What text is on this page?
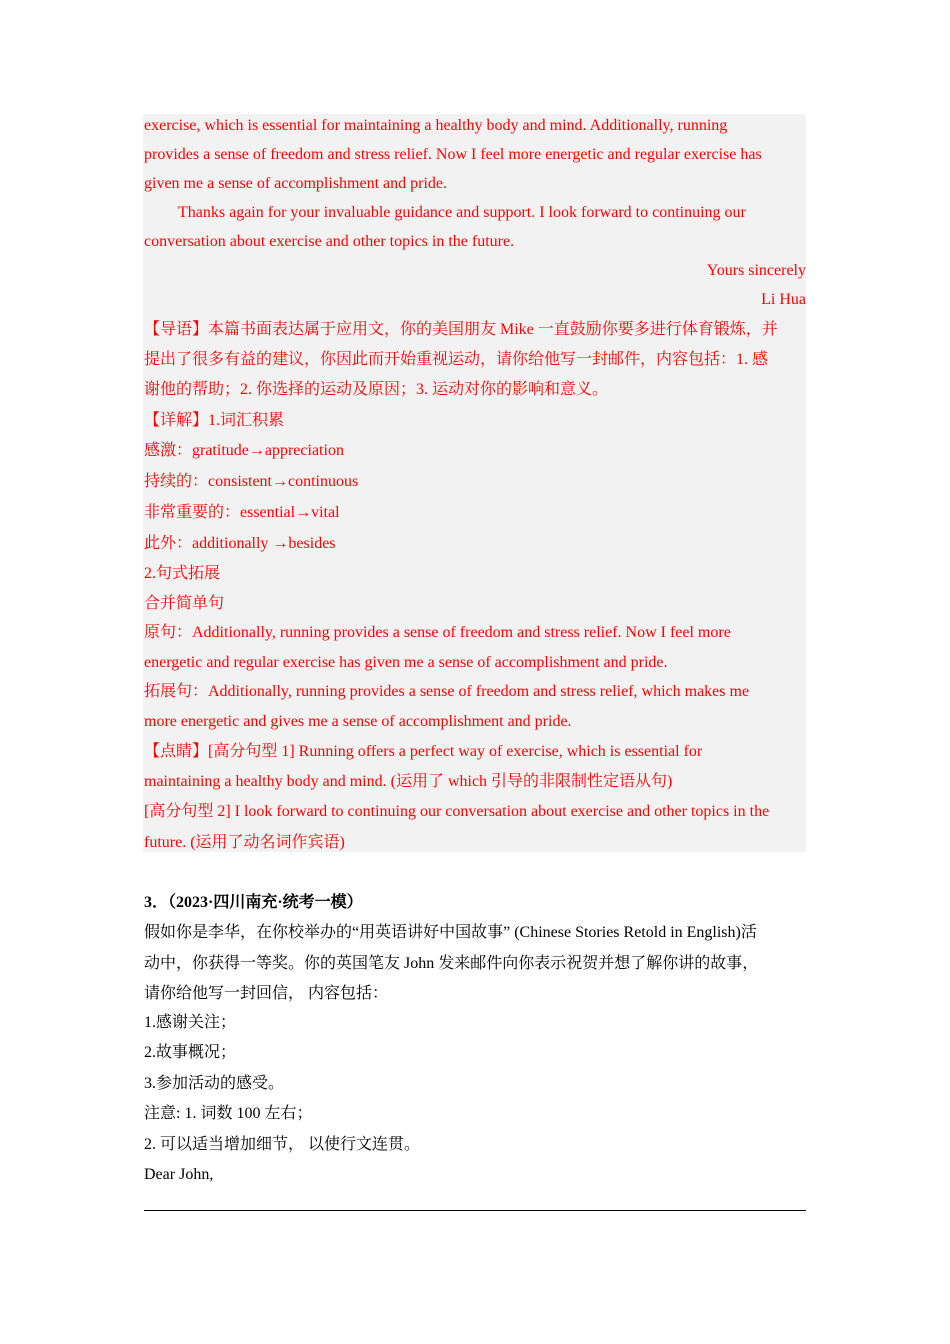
exercise, which is essential for maintaining a healthy body and mind. Additionally, running
provides a sense of freedom and stress relief. Now I feel more energetic and regular exercise has
given me a sense of accomplishment and pride.
Thanks again for your invaluable guidance and support. I look forward to continuing our
conversation about exercise and other topics in the future.
Yours sincerely
Li Hua
【导语】本篇书面表达属于应用文，你的美国朋友 Mike 一直鼓励你要多进行体育锻炼，并
提出了很多有益的建议，你因此而开始重视运动，请你给他写一封邮件，内容包括：1. 感
谢他的帮助；2. 你选择的运动及原因；3. 运动对你的影响和意义。
【详解】1.词汇积累
感激：gratitude→appreciation
持续的：consistent→continuous
非常重要的：essential→vital
此外：additionally →besides
2.句式拓展
合并简单句
原句：Additionally, running provides a sense of freedom and stress relief. Now I feel more
energetic and regular exercise has given me a sense of accomplishment and pride.
拓展句：Additionally, running provides a sense of freedom and stress relief, which makes me
more energetic and gives me a sense of accomplishment and pride.
【点睛】[高分句型 1] Running offers a perfect way of exercise, which is essential for
maintaining a healthy body and mind. (运用了 which 引导的非限制性定语从句)
[高分句型 2] I look forward to continuing our conversation about exercise and other topics in the
future. (运用了动名词作宾语)
3．（2023·四川南充·统考一模）
假如你是李华，在你校举办的“用英语讲好中国故事” (Chinese Stories Retold in English)活
动中，你获得一等奖。你的英国笔友 John 发来邮件向你表示祝贺并想了解你讲的故事，
请你给他写一封回信， 内容包括：
1.感谢关注；
2.故事概况；
3.参加活动的感受。
注意: 1. 词数 100 左右；
2. 可以适当增加细节， 以使行文连贯。
Dear John,
